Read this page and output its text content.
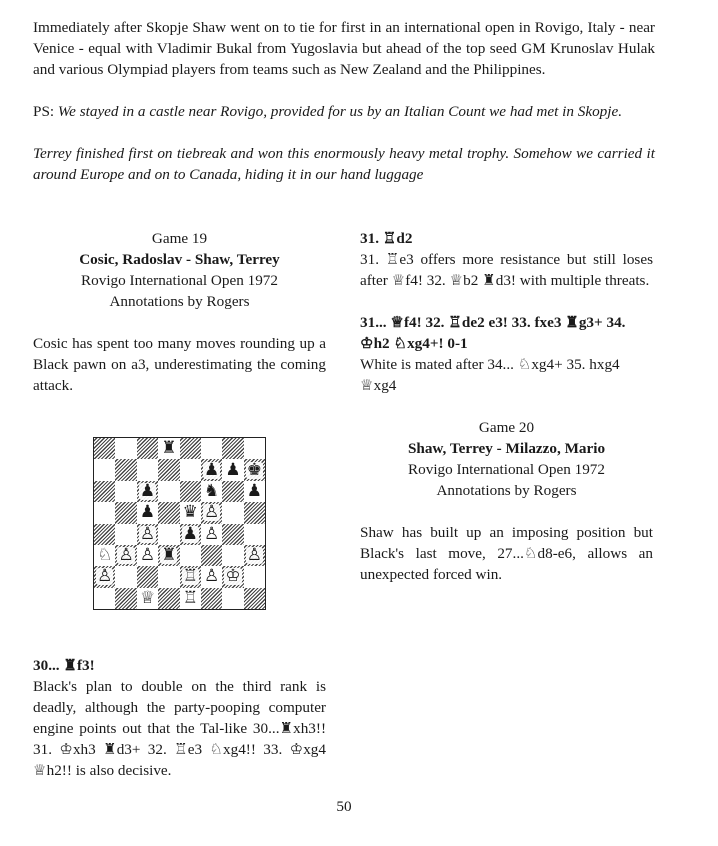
Immediately after Skopje Shaw went on to tie for first in an international open in Rovigo, Italy - near Venice - equal with Vladimir Bukal from Yugoslavia but ahead of the top seed GM Krunoslav Hulak and various Olympiad players from teams such as New Zealand and the Philippines.

PS: We stayed in a castle near Rovigo, provided for us by an Italian Count we had met in Skopje.

Terrey finished first on tiebreak and won this enormously heavy metal trophy. Somehow we carried it around Europe and on to Canada, hiding it in our hand luggage

Game 19

Cosic, Radoslav - Shaw, Terrey

Rovigo International Open 1972

Annotations by Rogers

Cosic has spent too many moves rounding up a Black pawn on a3, underestimating the coming attack.

♜
♟ ♟ ♚
♟	♞ ♟
♟ ♛ ♙
♙ ♟ ♙
♘ ♙ ♙ ♜	♙
♙	♖ ♙ ♔
♕ ♖

30... ♜f3!

Black's plan to double on the third rank is deadly, although the party-pooping computer engine points out that the Tal-like 30...♜xh3!! 31. ♔xh3 ♜d3+ 32. ♖e3 ♘xg4!! 33. ♔xg4 ♕h2!! is also decisive.

31. ♖d2

31. ♖e3 offers more resistance but still loses after ♕f4! 32. ♕b2 ♜d3! with multiple threats.

31... ♕f4! 32. ♖de2 e3! 33. fxe3 ♜g3+ 34. ♔h2 ♘xg4+! 0-1

White is mated after 34... ♘xg4+ 35. hxg4 ♕xg4

Game 20

Shaw, Terrey - Milazzo, Mario

Rovigo International Open 1972

Annotations by Rogers

Shaw has built up an imposing position but Black's last move, 27...♘d8-e6, allows an unexpected forced win.

50
